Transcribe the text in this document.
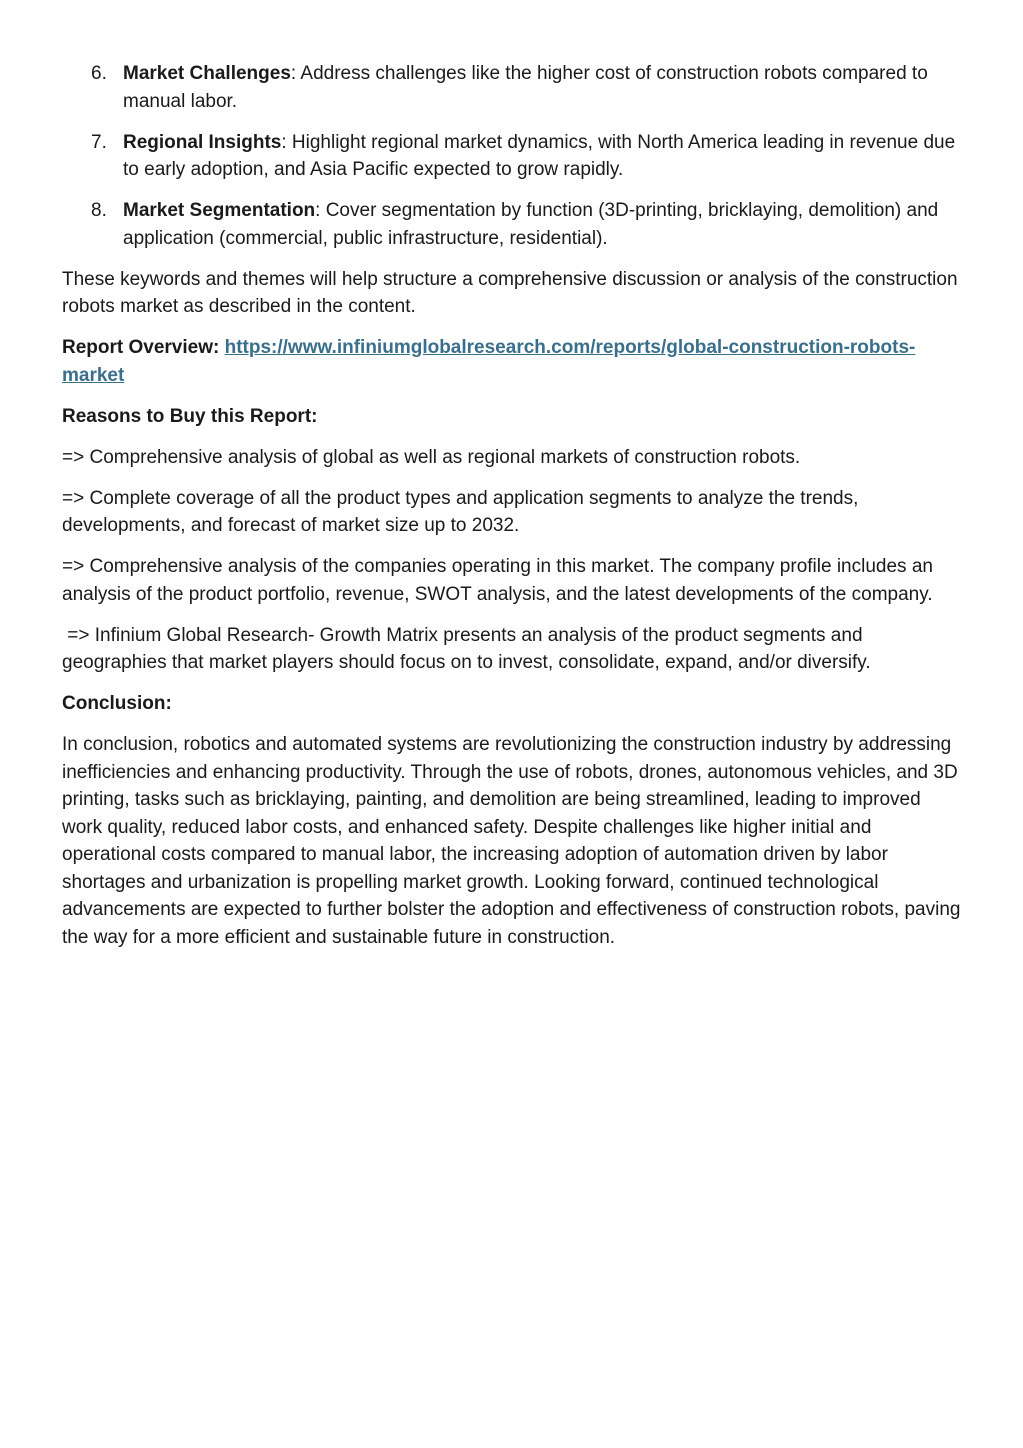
6. Market Challenges: Address challenges like the higher cost of construction robots compared to manual labor.
7. Regional Insights: Highlight regional market dynamics, with North America leading in revenue due to early adoption, and Asia Pacific expected to grow rapidly.
8. Market Segmentation: Cover segmentation by function (3D-printing, bricklaying, demolition) and application (commercial, public infrastructure, residential).

These keywords and themes will help structure a comprehensive discussion or analysis of the construction robots market as described in the content.

Report Overview: https://www.infiniumglobalresearch.com/reports/global-construction-robots-market

Reasons to Buy this Report:

=> Comprehensive analysis of global as well as regional markets of construction robots.

=> Complete coverage of all the product types and application segments to analyze the trends, developments, and forecast of market size up to 2032.

=> Comprehensive analysis of the companies operating in this market. The company profile includes an analysis of the product portfolio, revenue, SWOT analysis, and the latest developments of the company.

=> Infinium Global Research- Growth Matrix presents an analysis of the product segments and geographies that market players should focus on to invest, consolidate, expand, and/or diversify.

Conclusion:

In conclusion, robotics and automated systems are revolutionizing the construction industry by addressing inefficiencies and enhancing productivity. Through the use of robots, drones, autonomous vehicles, and 3D printing, tasks such as bricklaying, painting, and demolition are being streamlined, leading to improved work quality, reduced labor costs, and enhanced safety. Despite challenges like higher initial and operational costs compared to manual labor, the increasing adoption of automation driven by labor shortages and urbanization is propelling market growth. Looking forward, continued technological advancements are expected to further bolster the adoption and effectiveness of construction robots, paving the way for a more efficient and sustainable future in construction.
